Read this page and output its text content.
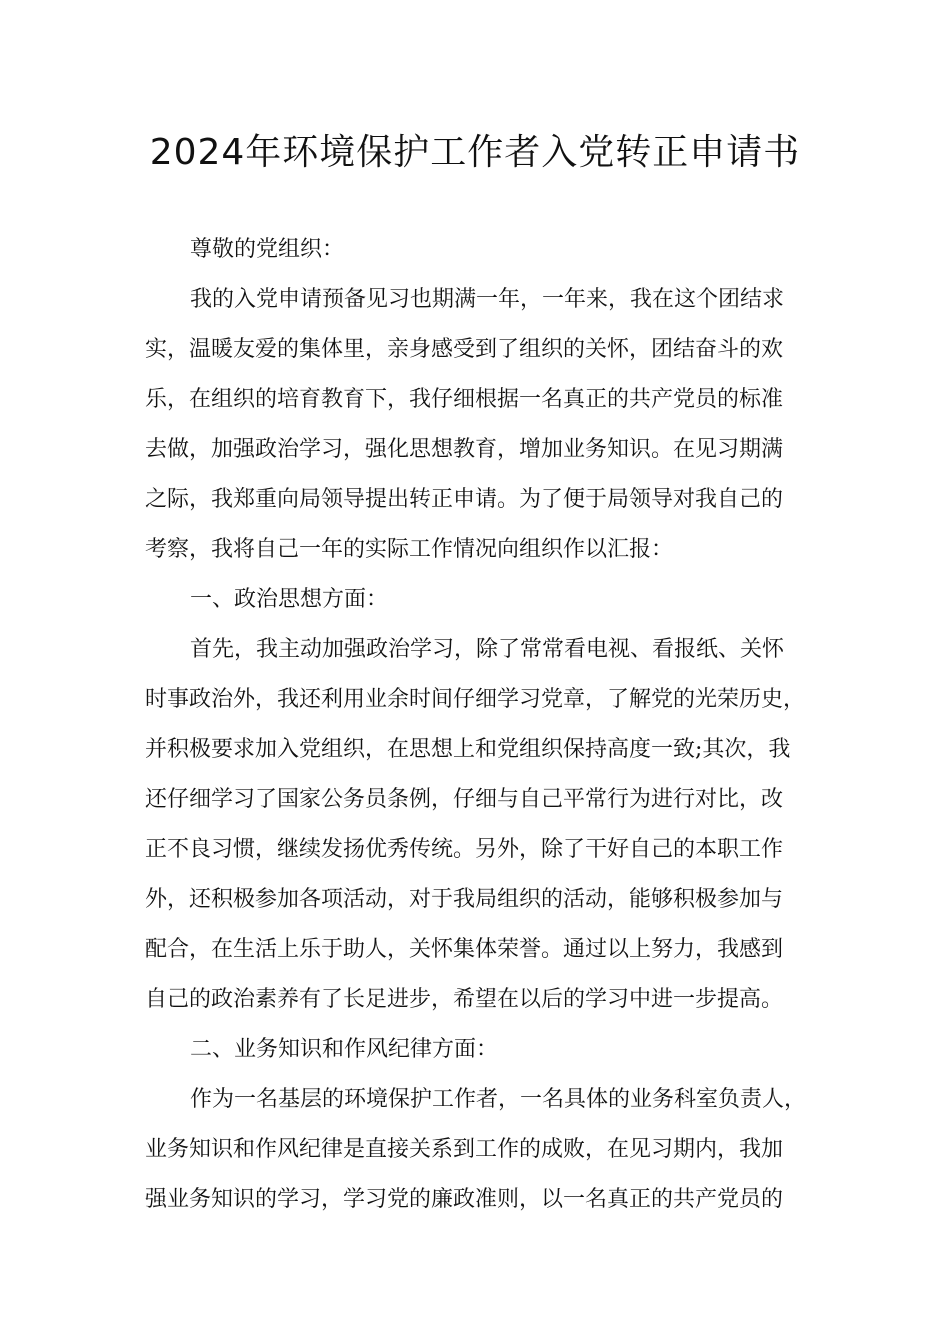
2024年环境保护工作者入党转正申请书

尊敬的党组织：

我的入党申请预备见习也期满一年，一年来，我在这个团结求

实，温暖友爱的集体里，亲身感受到了组织的关怀，团结奋斗的欢

乐，在组织的培育教育下，我仔细根据一名真正的共产党员的标准

去做，加强政治学习，强化思想教育，增加业务知识。在见习期满

之际，我郑重向局领导提出转正申请。为了便于局领导对我自己的

考察，我将自己一年的实际工作情况向组织作以汇报：

一、政治思想方面：

首先，我主动加强政治学习，除了常常看电视、看报纸、关怀

时事政治外，我还利用业余时间仔细学习党章，了解党的光荣历史，

并积极要求加入党组织，在思想上和党组织保持高度一致;其次，我

还仔细学习了国家公务员条例，仔细与自己平常行为进行对比，改

正不良习惯，继续发扬优秀传统。另外，除了干好自己的本职工作

外，还积极参加各项活动，对于我局组织的活动，能够积极参加与

配合，在生活上乐于助人，关怀集体荣誉。通过以上努力，我感到

自己的政治素养有了长足进步，希望在以后的学习中进一步提高。

二、业务知识和作风纪律方面：

作为一名基层的环境保护工作者，一名具体的业务科室负责人，

业务知识和作风纪律是直接关系到工作的成败，在见习期内，我加

强业务知识的学习，学习党的廉政准则，以一名真正的共产党员的
